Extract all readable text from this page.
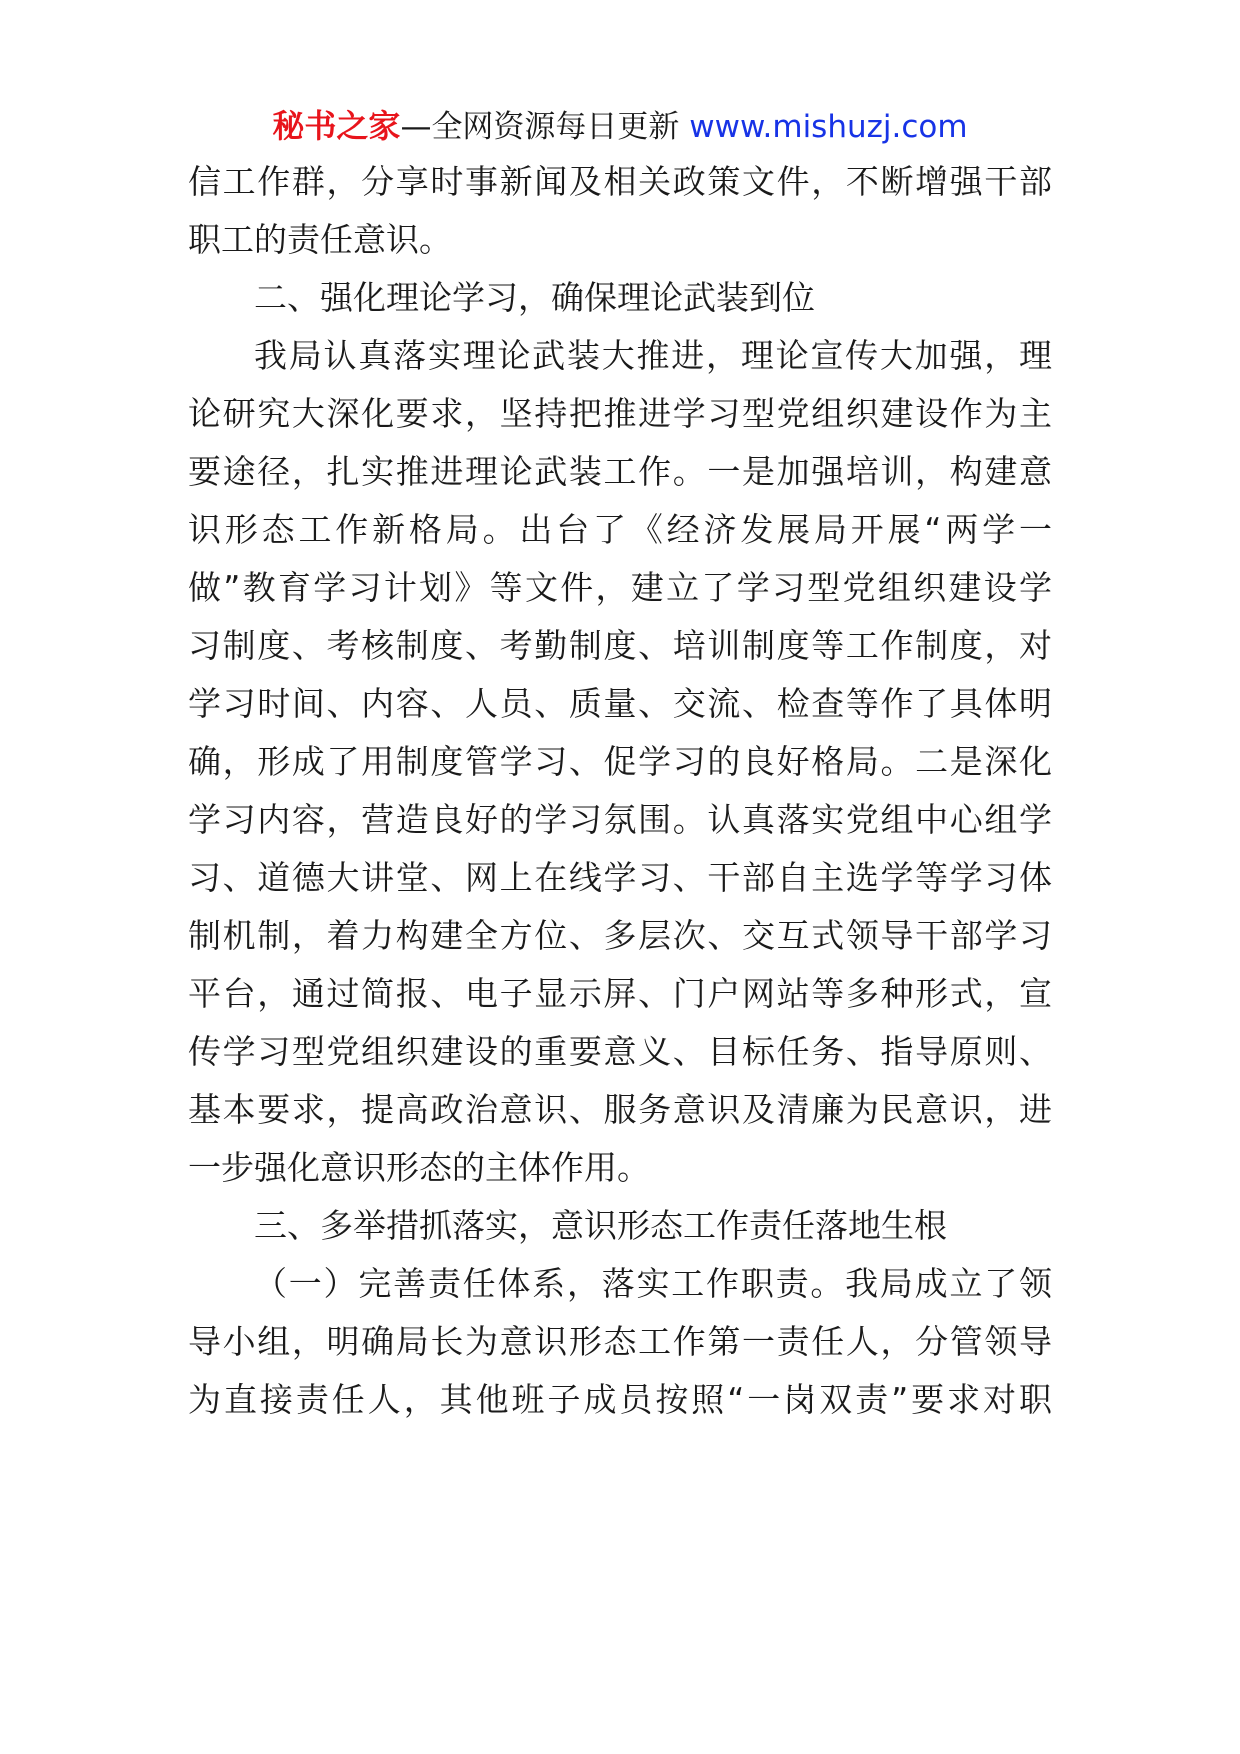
秘书之家—全网资源每日更新 www.mishuzj.com
信工作群，分享时事新闻及相关政策文件，不断增强干部
职工的责任意识。
二、强化理论学习，确保理论武装到位
我局认真落实理论武装大推进，理论宣传大加强，理
论研究大深化要求，坚持把推进学习型党组织建设作为主
要途径，扎实推进理论武装工作。一是加强培训，构建意
识形态工作新格局。出台了《经济发展局开展“两学一
做”教育学习计划》等文件，建立了学习型党组织建设学
习制度、考核制度、考勤制度、培训制度等工作制度，对
学习时间、内容、人员、质量、交流、检查等作了具体明
确，形成了用制度管学习、促学习的良好格局。二是深化
学习内容，营造良好的学习氛围。认真落实党组中心组学
习、道德大讲堂、网上在线学习、干部自主选学等学习体
制机制，着力构建全方位、多层次、交互式领导干部学习
平台，通过简报、电子显示屏、门户网站等多种形式，宣
传学习型党组织建设的重要意义、目标任务、指导原则、
基本要求，提高政治意识、服务意识及清廉为民意识，进
一步强化意识形态的主体作用。
三、多举措抓落实，意识形态工作责任落地生根
（一）完善责任体系，落实工作职责。我局成立了领
导小组，明确局长为意识形态工作第一责任人，分管领导
为直接责任人，其他班子成员按照“一岗双责”要求对职
